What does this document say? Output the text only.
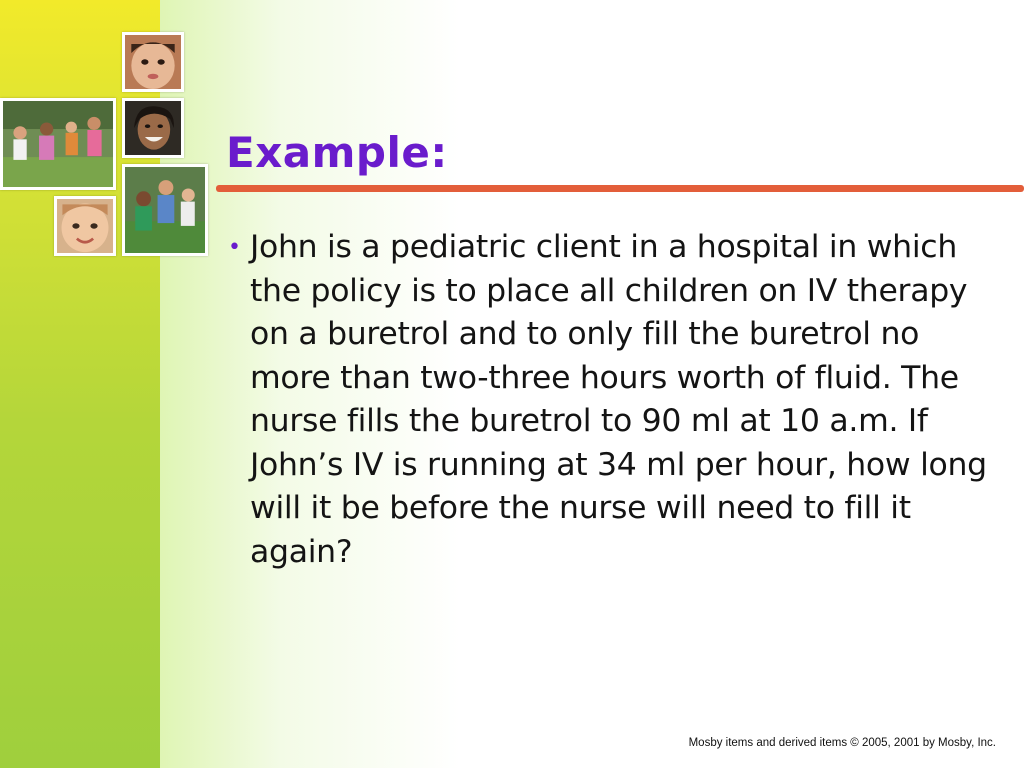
Example:
• John is a pediatric client in a hospital in which the policy is to place all children on IV therapy on a buretrol and to only fill the buretrol no more than two-three hours worth of fluid. The nurse fills the buretrol to 90 ml at 10 a.m. If John’s IV is running at 34 ml per hour, how long will it be before the nurse will need to fill it again?
Mosby items and derived items © 2005, 2001 by Mosby, Inc.
